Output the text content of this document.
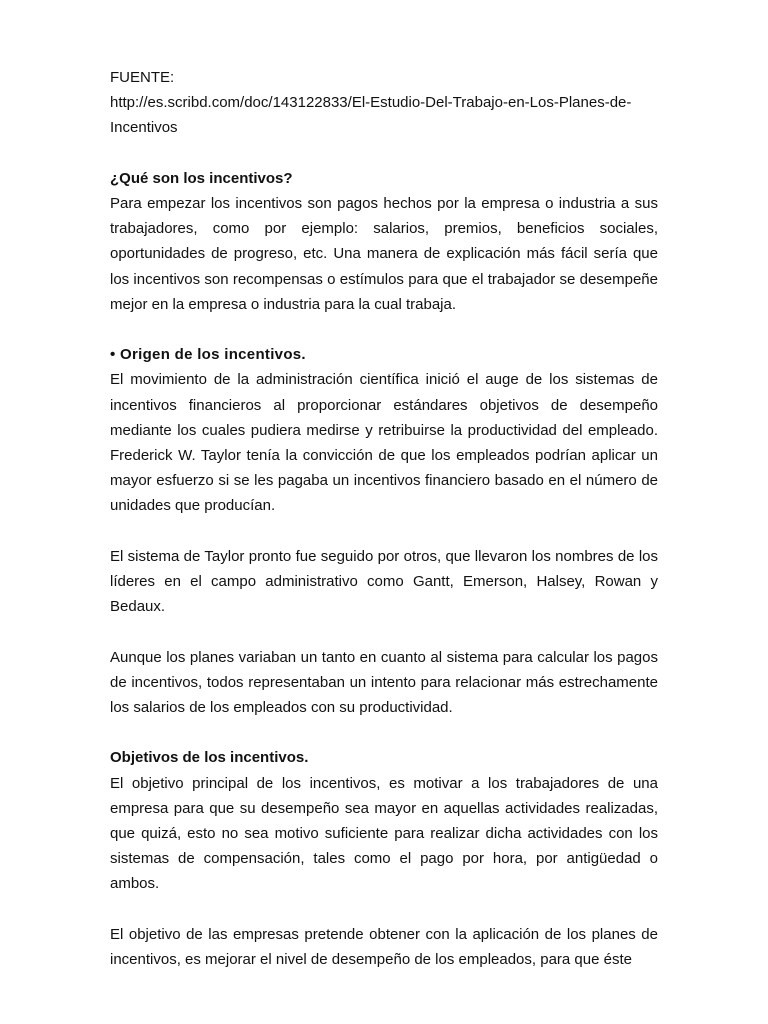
FUENTE:
http://es.scribd.com/doc/143122833/El-Estudio-Del-Trabajo-en-Los-Planes-de-
Incentivos
¿Qué son los incentivos?

Para empezar los incentivos son pagos hechos por la empresa o industria a sus trabajadores, como por ejemplo: salarios, premios, beneficios sociales, oportunidades de progreso, etc. Una manera de explicación más fácil sería que los incentivos son recompensas o estímulos para que el trabajador se desempeñe mejor en la empresa o industria para la cual trabaja.

• Origen de los incentivos.

El movimiento de la administración científica inició el auge de los sistemas de incentivos financieros al proporcionar estándares objetivos de desempeño mediante los cuales pudiera medirse y retribuirse la productividad del empleado. Frederick W. Taylor tenía la convicción de que los empleados podrían aplicar un mayor esfuerzo si se les pagaba un incentivos financiero basado en el número de unidades que producían.

El sistema de Taylor pronto fue seguido por otros, que llevaron los nombres de los líderes en el campo administrativo como Gantt, Emerson, Halsey, Rowan y Bedaux.

Aunque los planes variaban un tanto en cuanto al sistema para calcular los pagos de incentivos, todos representaban un intento para relacionar más estrechamente los salarios de los empleados con su productividad.

Objetivos de los incentivos.

El objetivo principal de los incentivos, es motivar a los trabajadores de una empresa para que su desempeño sea mayor en aquellas actividades realizadas, que quizá, esto no sea motivo suficiente para realizar dicha actividades con los sistemas de compensación, tales como el pago por hora, por antigüedad o ambos.

El objetivo de las empresas pretende obtener con la aplicación de los planes de incentivos, es mejorar el nivel de desempeño de los empleados, para que éste
